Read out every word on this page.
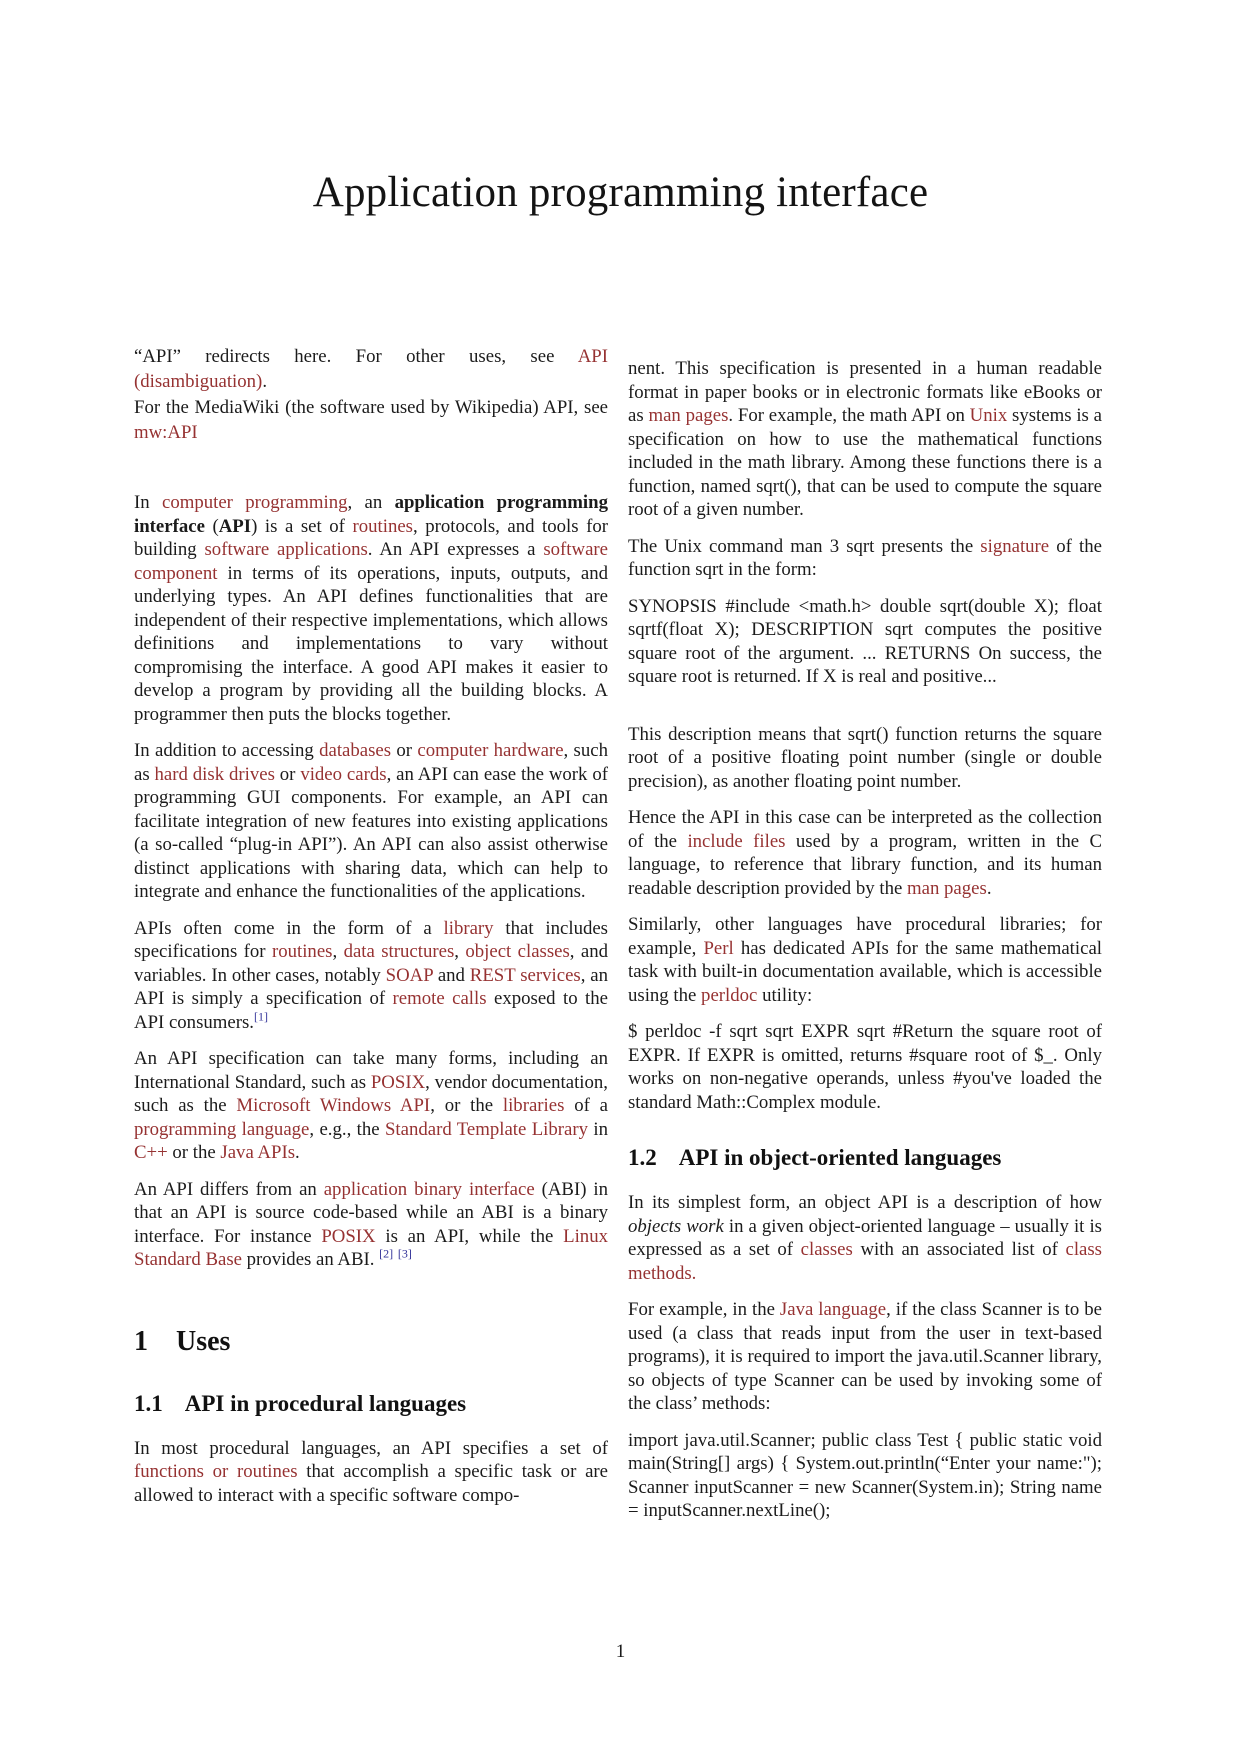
Application programming interface

“API” redirects here. For other uses, see API (disambiguation).

For the MediaWiki (the software used by Wikipedia) API, see mw:API

In computer programming, an application programming interface (API) is a set of routines, protocols, and tools for building software applications. An API expresses a software component in terms of its operations, inputs, outputs, and underlying types. An API defines functionalities that are independent of their respective implementations, which allows definitions and implementations to vary without compromising the interface. A good API makes it easier to develop a program by providing all the building blocks. A programmer then puts the blocks together.

In addition to accessing databases or computer hardware, such as hard disk drives or video cards, an API can ease the work of programming GUI components. For example, an API can facilitate integration of new features into existing applications (a so-called “plug-in API”). An API can also assist otherwise distinct applications with sharing data, which can help to integrate and enhance the functionalities of the applications.

APIs often come in the form of a library that includes specifications for routines, data structures, object classes, and variables. In other cases, notably SOAP and REST services, an API is simply a specification of remote calls exposed to the API consumers.[1]

An API specification can take many forms, including an International Standard, such as POSIX, vendor documentation, such as the Microsoft Windows API, or the libraries of a programming language, e.g., the Standard Template Library in C++ or the Java APIs.

An API differs from an application binary interface (ABI) in that an API is source code-based while an ABI is a binary interface. For instance POSIX is an API, while the Linux Standard Base provides an ABI. [2] [3]

1 Uses
1.1 API in procedural languages

In most procedural languages, an API specifies a set of functions or routines that accomplish a specific task or are allowed to interact with a specific software compo-

nent. This specification is presented in a human readable format in paper books or in electronic formats like eBooks or as man pages. For example, the math API on Unix systems is a specification on how to use the mathematical functions included in the math library. Among these functions there is a function, named sqrt(), that can be used to compute the square root of a given number.

The Unix command man 3 sqrt presents the signature of the function sqrt in the form:

SYNOPSIS #include <math.h> double sqrt(double X); float sqrtf(float X); DESCRIPTION sqrt computes the positive square root of the argument. ... RETURNS On success, the square root is returned. If X is real and positive...

This description means that sqrt() function returns the square root of a positive floating point number (single or double precision), as another floating point number.

Hence the API in this case can be interpreted as the collection of the include files used by a program, written in the C language, to reference that library function, and its human readable description provided by the man pages.

Similarly, other languages have procedural libraries; for example, Perl has dedicated APIs for the same mathematical task with built-in documentation available, which is accessible using the perldoc utility:

$ perldoc -f sqrt sqrt EXPR sqrt #Return the square root of EXPR. If EXPR is omitted, returns #square root of $_. Only works on non-negative operands, unless #you've loaded the standard Math::Complex module.

1.2 API in object-oriented languages

In its simplest form, an object API is a description of how objects work in a given object-oriented language – usually it is expressed as a set of classes with an associated list of class methods.

For example, in the Java language, if the class Scanner is to be used (a class that reads input from the user in text-based programs), it is required to import the java.util.Scanner library, so objects of type Scanner can be used by invoking some of the class’ methods:

import java.util.Scanner; public class Test { public static void main(String[] args) { System.out.println(“Enter your name:"); Scanner inputScanner = new Scanner(System.in); String name = inputScanner.nextLine();

1
